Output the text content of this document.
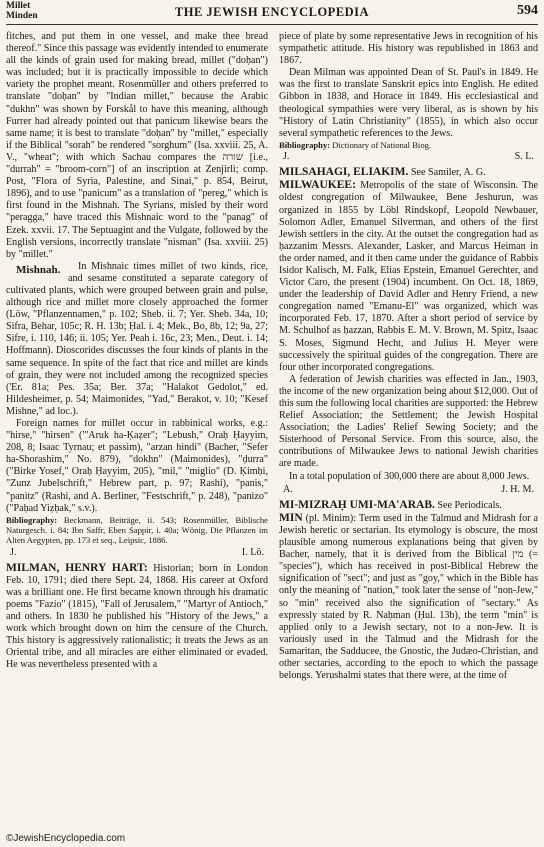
Millet
Minden	THE JEWISH ENCYCLOPEDIA	594

fitches, and put them in one vessel, and make thee bread thereof." Since this passage was evidently intended to enumerate all the kinds of grain used for making bread, millet ("doḥan") was included; but it is practically impossible to decide which variety the prophet meant. Rosenmüller and others preferred to translate "doḥan" by "Indian millet," because the Arabic "dukhn" was shown by Forskål to have this meaning, although Furrer had already pointed out that panicum likewise bears the same name; it is best to translate "doḥan" by "millet," especially if the Biblical "sorah" be rendered "sorghum" (Isa. xxviii. 25, A. V., "wheat"; with which Sachau compares the שורה [i.e., "durrah" = "broom-corn"] of an inscription at Zenjirli; comp. Post, "Flora of Syria, Palestine, and Sinai," p. 854, Beirut, 1896), and to use "panicum" as a translation of "pereg," which is first found in the Mishnah. The Syrians, misled by their word "peragga," have traced this Mishnaic word to the "panag" of Ezek. xxvii. 17. The Septuagint and the Vulgate, followed by the English versions, incorrectly translate "nisman" (Isa. xxviii. 25) by "millet."

Mishnah.	In Mishnaic times millet of two kinds, rice, and sesame constituted a separate category of cultivated plants, which were grouped between grain and pulse, although rice and millet more closely approached the former (Löw, "Pflanzennamen," p. 102; Sheb. ii. 7; Yer. Sheb. 34a, 10; Sifra, Behar, 105c; R. H. 13b; Ḥal. i. 4; Mek., Bo, 8b, 12; 9a, 27; Sifre, i. 110, 146; ii. 105; Yer. Peah i. 16c, 23; Men., Deut. i. 14; Hoffmann). Dioscorides discusses the four kinds of plants in the same sequence. In spite of the fact that rice and millet are kinds of grain, they were not included among the recognized species ('Er. 81a; Pes. 35a; Ber. 37a; "Halakot Gedolot," ed. Hildesheimer, p. 54; Maimonides, "Yad," Berakot, v. 10; "Kesef Mishne," ad loc.).

Foreign names for millet occur in rabbinical works, e.g.: "hirse," "hirsen" ("'Aruk ha-Ḳaẓer"; "Lebush," Oraḥ Ḥayyim, 208, 8; Isaac Tyrnau; et passim), "arzan hindi" (Bacher, "Sefer ha-Shorashim," No. 879), "dokhn" (Maimonides), "ḍurra" ("Birke Yosef," Oraḥ Ḥayyim, 205), "mil," "miglio" (D. Ḳimḥi, "Zunz Jubelschrift," Hebrew part, p. 97; Rashi), "panis," "panitz" (Rashi, and A. Berliner, "Festschrift," p. 248), "panizo" ("Paḥad Yiẓḥak," s.v.).

Bibliography: Beckmann, Beiträge, ii. 543; Rosenmüller, Biblische Naturgesch. i. 84; Ibn Saffr, Eben Sappir, i. 40a; Wönig, Die Pflanzen im Alten Aegypten, pp. 173 et seq., Leipsic, 1886.

J.	I. Lö.

MILMAN, HENRY HART: Historian; born in London Feb. 10, 1791; died there Sept. 24, 1868. His career at Oxford was a brilliant one. He first became known through his dramatic poems "Fazio" (1815), "Fall of Jerusalem," "Martyr of Antioch," and others. In 1830 he published his "History of the Jews," a work which brought down on him the censure of the Church. This history is aggressively rationalistic; it treats the Jews as an Oriental tribe, and all miracles are either eliminated or evaded. He was nevertheless presented with a

piece of plate by some representative Jews in recognition of his sympathetic attitude. His history was republished in 1863 and 1867.

Dean Milman was appointed Dean of St. Paul's in 1849. He was the first to translate Sanskrit epics into English. He edited Gibbon in 1838, and Horace in 1849. His ecclesiastical and theological sympathies were very liberal, as is shown by his "History of Latin Christianity" (1855), in which also occur several sympathetic references to the Jews.

Bibliography: Dictionary of National Biog.

J.	S. L.

MILSAHAGI, ELIAKIM. See Samiler, A. G.

MILWAUKEE: Metropolis of the state of Wisconsin. The oldest congregation of Milwaukee, Bene Jeshurun, was organized in 1855 by Löbl Rindskopf, Leopold Newbauer, Solomon Adler, Emanuel Silverman, and others of the first Jewish settlers in the city. At the outset the congregation had as ḥazzanim Messrs. Alexander, Lasker, and Marcus Heiman in the order named, and it then came under the guidance of Rabbis Isidor Kalisch, M. Falk, Elias Epstein, Emanuel Gerechter, and Victor Caro, the present (1904) incumbent. On Oct. 18, 1869, under the leadership of David Adler and Henry Friend, a new congregation named "Emanu-El" was organized, which was incorporated Feb. 17, 1870. After a short period of service by M. Schulhof as ḥazzan, Rabbis E. M. V. Brown, M. Spitz, Isaac S. Moses, Sigmund Hecht, and Julius H. Meyer were successively the spiritual guides of the congregation. There are four other incorporated congregations.

A federation of Jewish charities was effected in Jan., 1903, the income of the new organization being about $12,000. Out of this sum the following local charities are supported: the Hebrew Relief Association; the Settlement; the Jewish Hospital Association; the Ladies' Relief Sewing Society; and the Sisterhood of Personal Service. From this source, also, the contributions of Milwaukee Jews to national Jewish charities are made.

In a total population of 300,000 there are about 8,000 Jews.

A.	J. H. M.

MI-MIZRAḤ UMI-MA'ARAB. See Periodicals.

MIN (pl. Minim): Term used in the Talmud and Midrash for a Jewish heretic or sectarian. Its etymology is obscure, the most plausible among numerous explanations being that given by Bacher, namely, that it is derived from the Biblical מין (= "species"), which has received in post-Biblical Hebrew the signification of "sect"; and just as "goy," which in the Bible has only the meaning of "nation," took later the sense of "non-Jew," so "min" received also the signification of "sectary." As expressly stated by R. Naḥman (Ḥul. 13b), the term "min" is applied only to a Jewish sectary, not to a non-Jew. It is variously used in the Talmud and the Midrash for the Samaritan, the Sadducee, the Gnostic, the Judæo-Christian, and other sectaries, according to the epoch to which the passage belongs. Yerushalmi states that there were, at the time of

©JewishEncyclopedia.com
